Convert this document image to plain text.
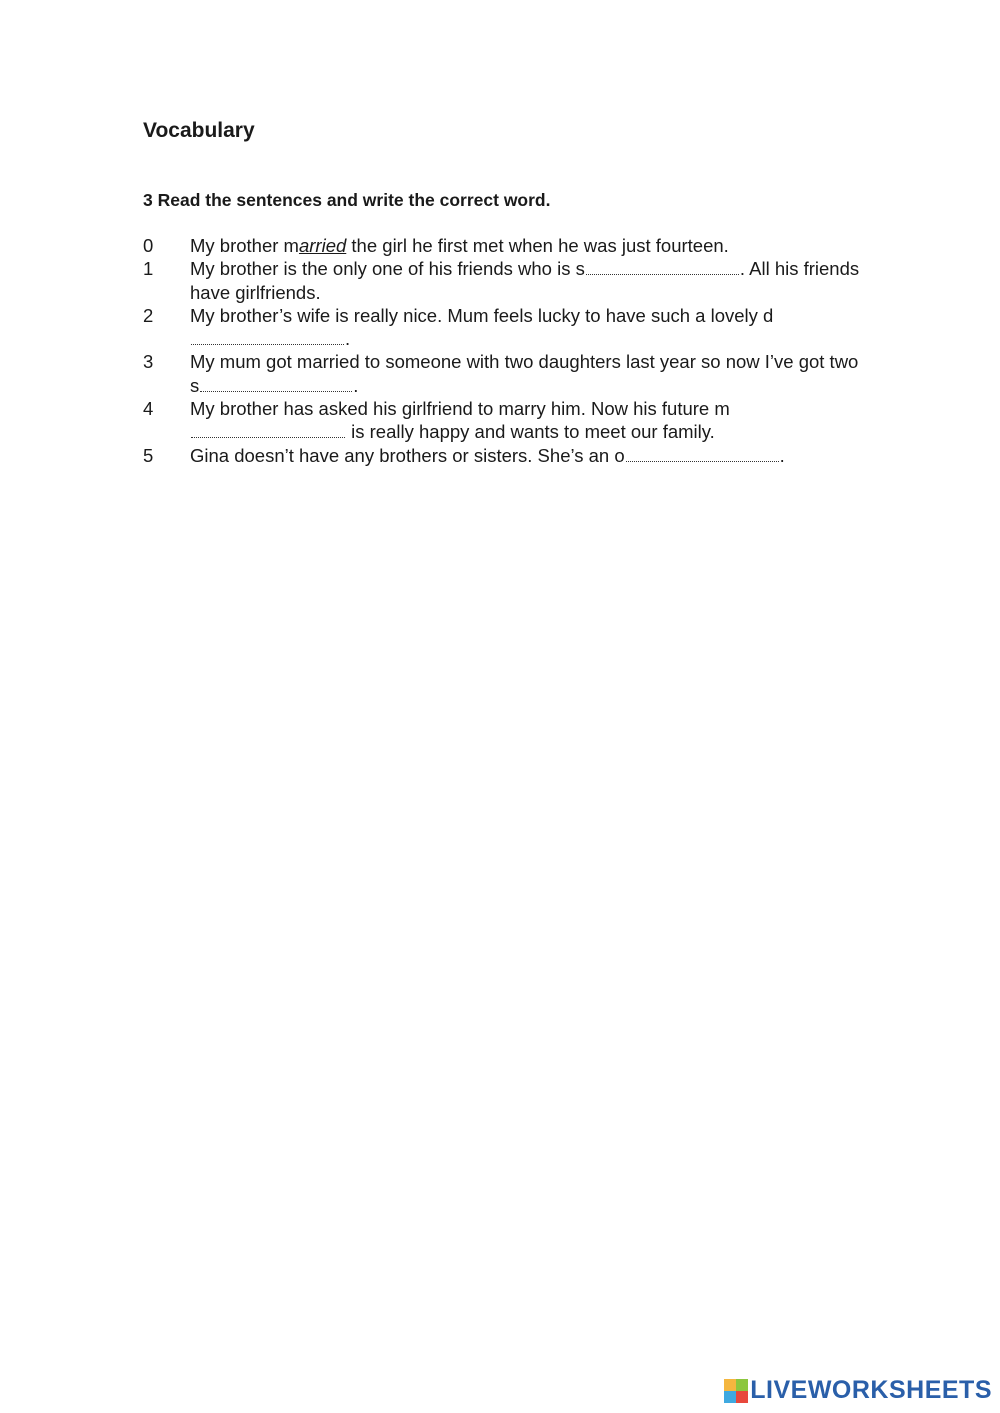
Vocabulary

3 Read the sentences and write the correct word.

0	My brother married the girl he first met when he was just fourteen.
1	My brother is the only one of his friends who is s	. All his friends have girlfriends.
2	My brother’s wife is really nice. Mum feels lucky to have such a lovely d.
3	My mum got married to someone with two daughters last year so now I’ve got two s	.
4	My brother has asked his girlfriend to marry him. Now his future m is really happy and wants to meet our family.
5	Gina doesn’t have any brothers or sisters. She’s an o	.
LIVEWORKSHEETS
